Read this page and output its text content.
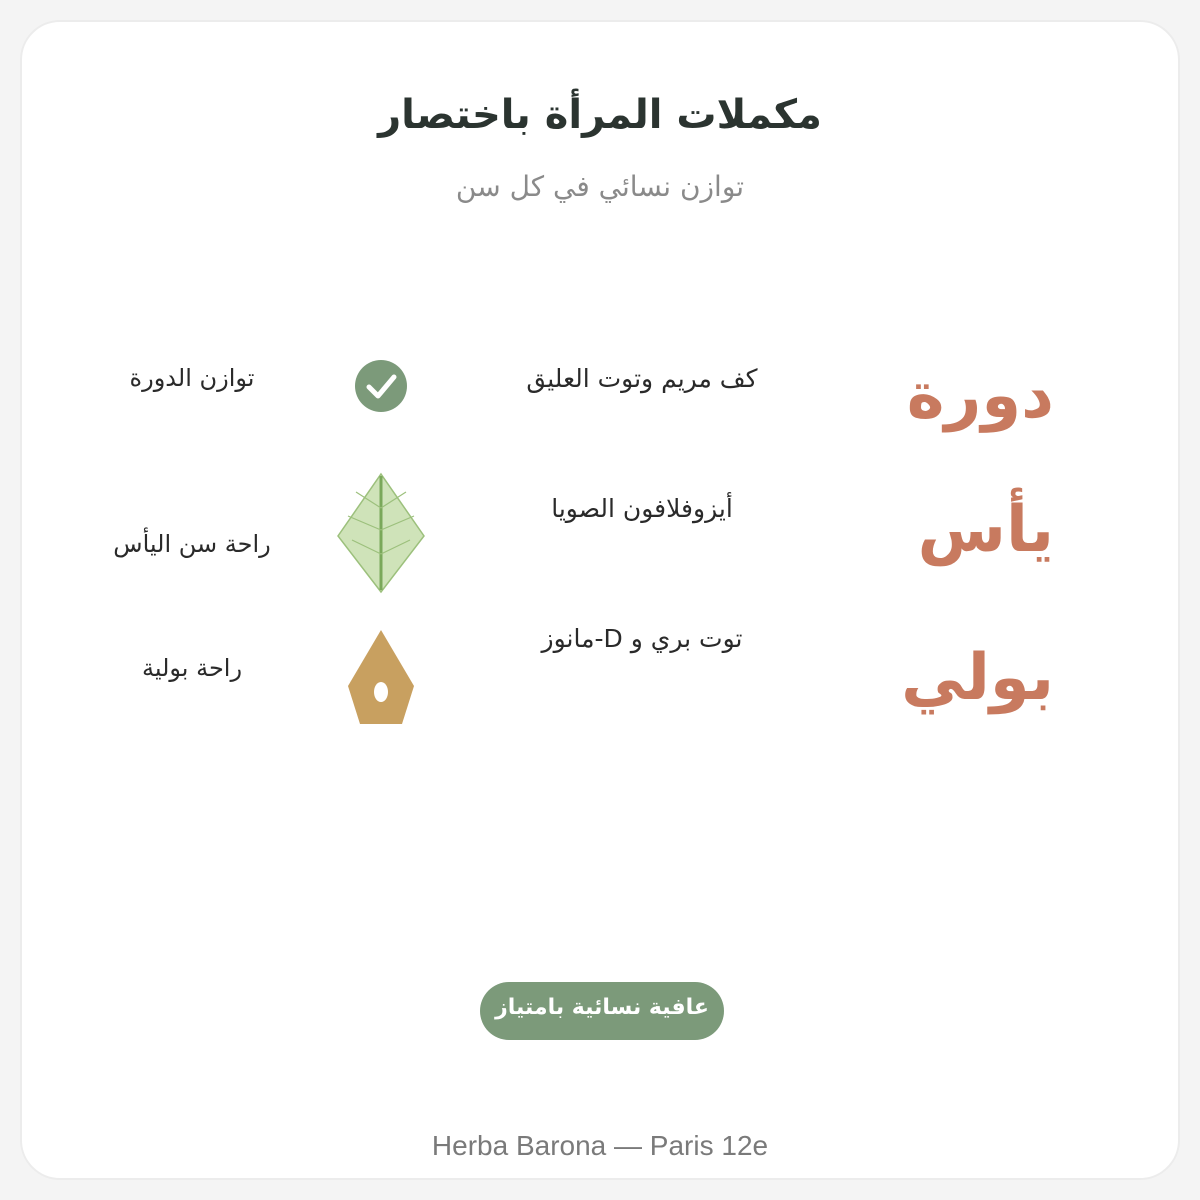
مكملات المرأة باختصار
توازن نسائي في كل سن
دورة
كف مريم وتوت العليق
توازن الدورة
يأس
أيزوفلافون الصويا
راحة سن اليأس
بولي
توت بري و D-مانوز
راحة بولية
عافية نسائية بامتياز
Herba Barona — Paris 12e
